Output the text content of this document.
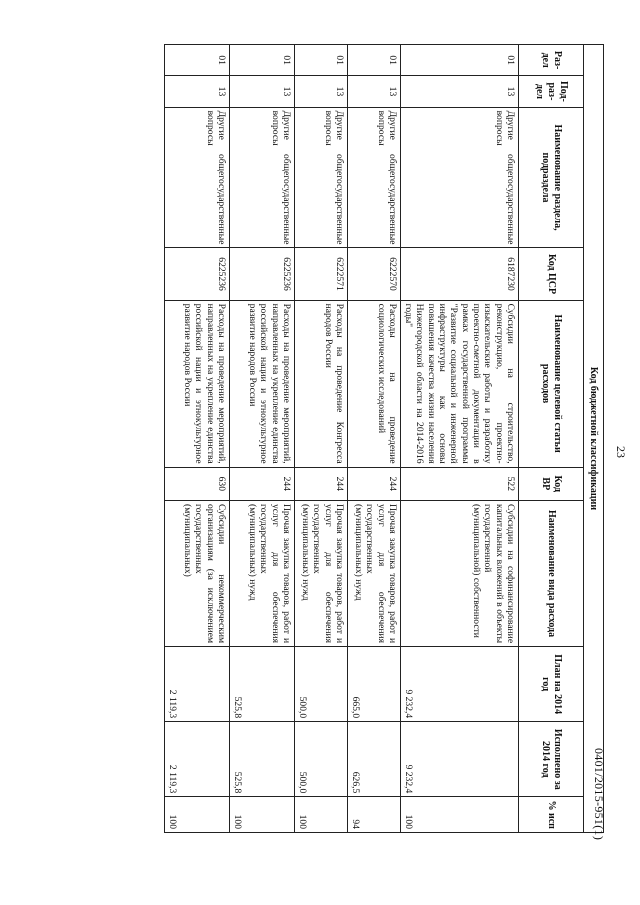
23
Код бюджетной классификации									
Раз-дел	Под-раз-дел	Наименование раздела, подраздела	Код ЦСР	Наименование целевой статьи расходов	Код ВР	Наименование вида расхода	План на 2014 год	Исполнено за 2014 год	% исп
01	13	Другие общегосударственные вопросы	6187230	Субсидии на строительство, реконструкцию, проектно-изыскательские работы и разработку проектно-сметной документации в рамках государственной программы "Развитие социальной и инженерной инфраструктуры как основы повышения качества жизни населения Нижегородской области на 2014-2016 годы"	522	Субсидии на софинансирование капитальных вложений в объекты государственной (муниципальной) собственности	9 232,4	9 232,4	100
01	13	Другие общегосударственные вопросы	6222570	Расходы на проведение социологических исследований	244	Прочая закупка товаров, работ и услуг для обеспечения государственных (муниципальных) нужд	665,0	626,5	94
01	13	Другие общегосударственные вопросы	6222571	Расходы на проведение Конгресса народов России	244	Прочая закупка товаров, работ и услуг для обеспечения государственных (муниципальных) нужд	500,0	500,0	100
01	13	Другие общегосударственные вопросы	6225236	Расходы на проведение мероприятий, направленных на укрепление единства российской нации и этнокультурное развитие народов России	244	Прочая закупка товаров, работ и услуг для обеспечения государственных (муниципальных) нужд	525,8	525,8	100
01	13	Другие общегосударственные вопросы	6225236	Расходы на проведение мероприятий, направленных на укрепление единства российской нации и этнокультурное развитие народов России	630	Субсидии некоммерческим организациям (за исключением государственных (муниципальных)	2 119,3	2 119,3	100	0401/2015-951(1)
